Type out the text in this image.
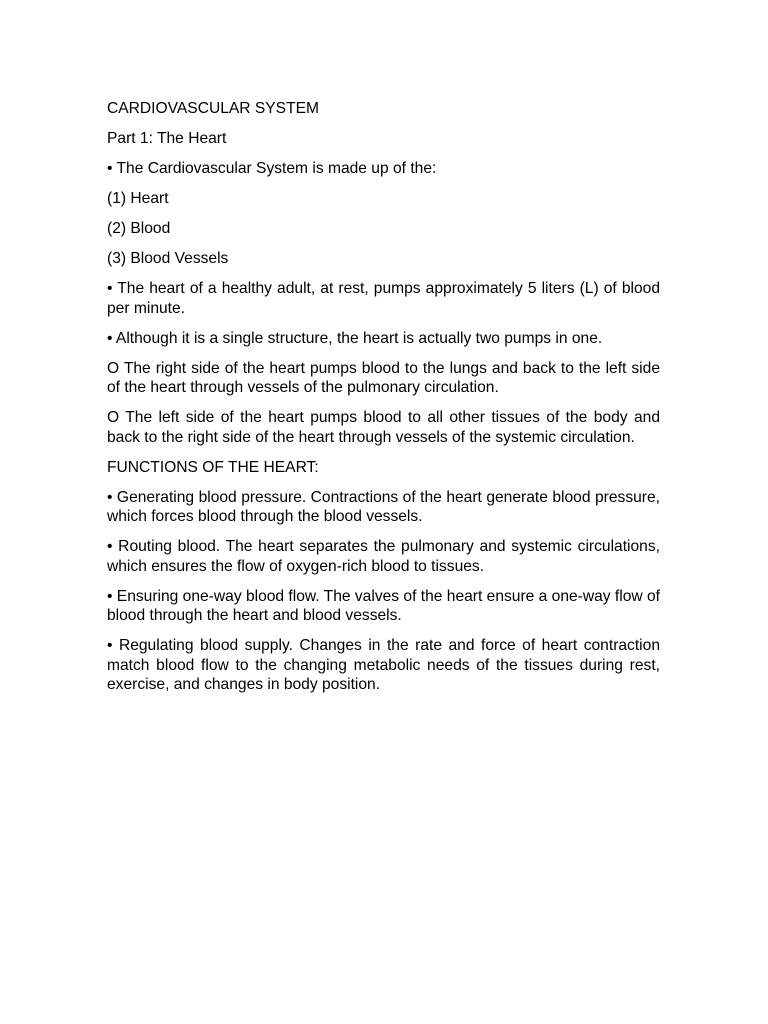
CARDIOVASCULAR SYSTEM

Part 1: The Heart

• The Cardiovascular System is made up of the:

(1) Heart

(2) Blood

(3) Blood Vessels

• The heart of a healthy adult, at rest, pumps approximately 5 liters (L) of blood per minute.

• Although it is a single structure, the heart is actually two pumps in one.

O The right side of the heart pumps blood to the lungs and back to the left side of the heart through vessels of the pulmonary circulation.

O The left side of the heart pumps blood to all other tissues of the body and back to the right side of the heart through vessels of the systemic circulation.

FUNCTIONS OF THE HEART:

• Generating blood pressure. Contractions of the heart generate blood pressure, which forces blood through the blood vessels.

• Routing blood. The heart separates the pulmonary and systemic circulations, which ensures the flow of oxygen-rich blood to tissues.

• Ensuring one-way blood flow. The valves of the heart ensure a one-way flow of blood through the heart and blood vessels.

• Regulating blood supply. Changes in the rate and force of heart contraction match blood flow to the changing metabolic needs of the tissues during rest, exercise, and changes in body position.
